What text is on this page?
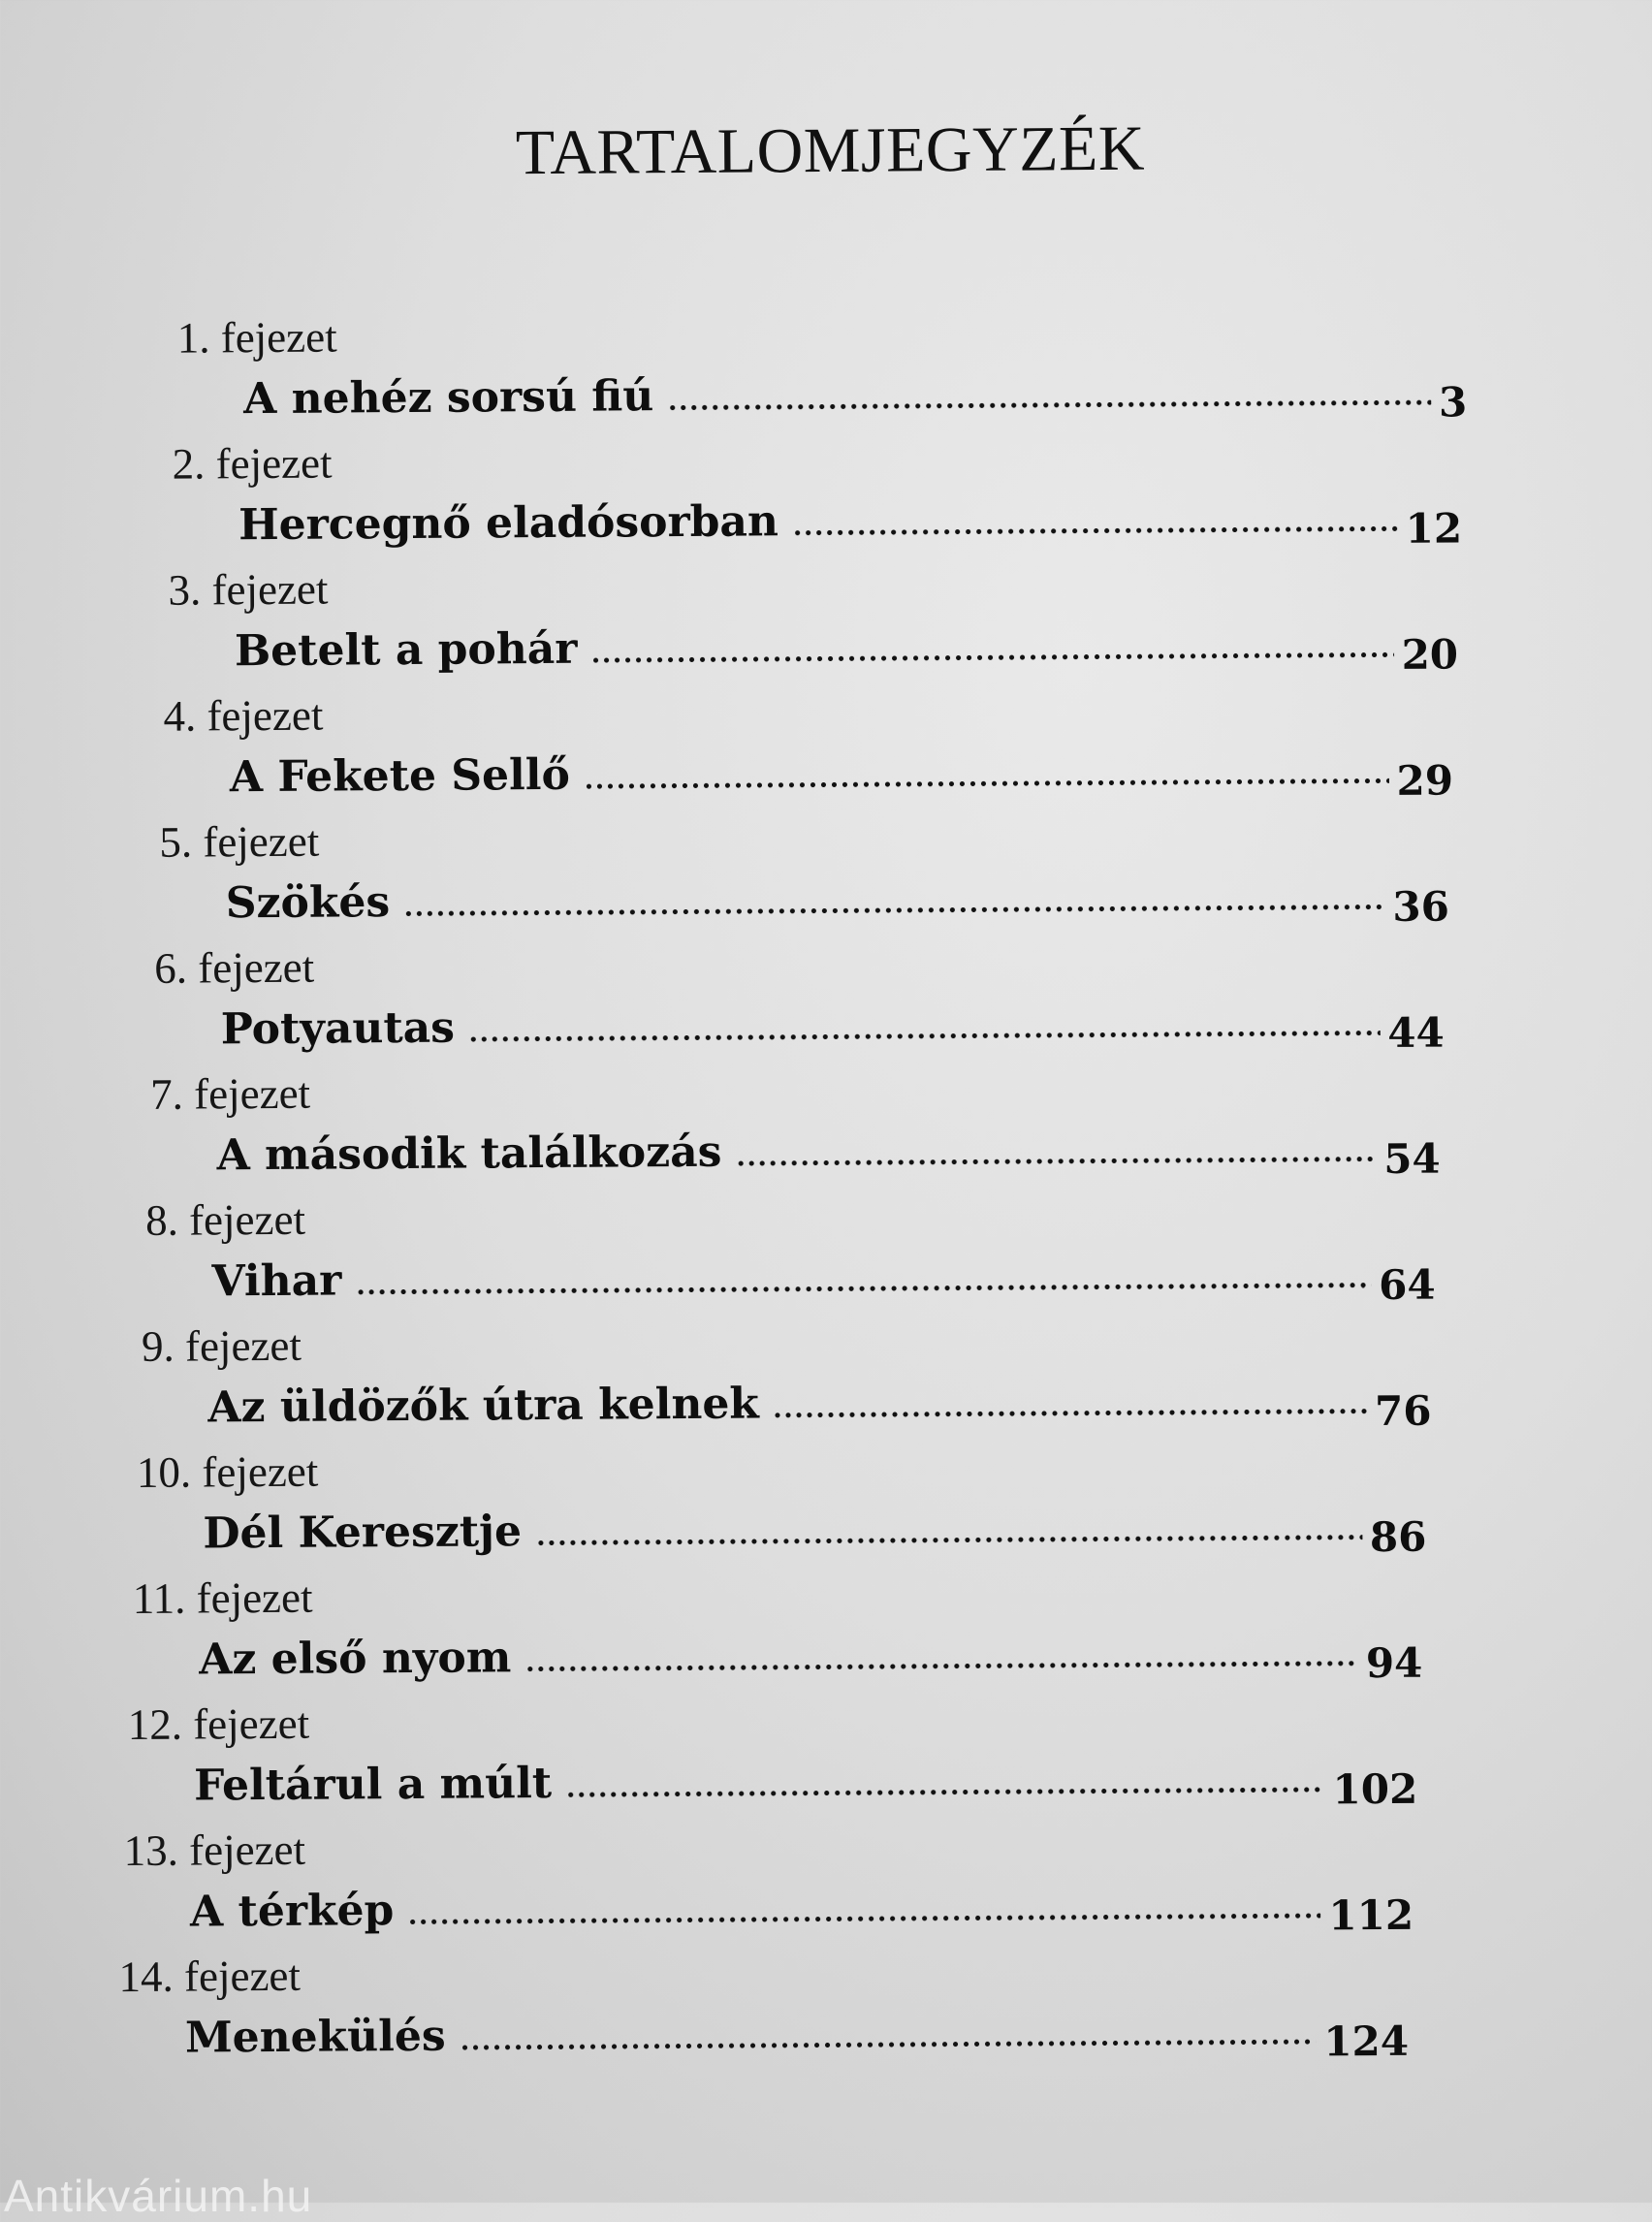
TARTALOMJEGYZÉK
1. fejezet
A nehéz sorsú fiú	3
2. fejezet
Hercegnő eladósorban	12
3. fejezet
Betelt a pohár	20
4. fejezet
A Fekete Sellő	29
5. fejezet
Szökés	36
6. fejezet
Potyautas	44
7. fejezet
A második találkozás	54
8. fejezet
Vihar	64
9. fejezet
Az üldözők útra kelnek	76
10. fejezet
Dél Keresztje	86
11. fejezet
Az első nyom	94
12. fejezet
Feltárul a múlt	102
13. fejezet
A térkép	112
14. fejezet
Menekülés	124
Antikvárium.hu
